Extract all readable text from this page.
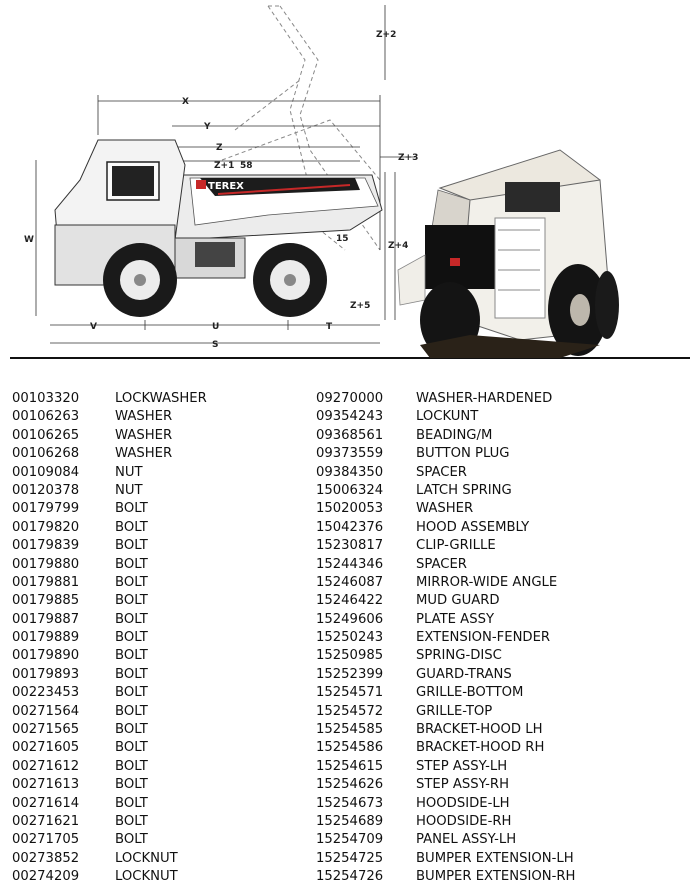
TEREX
X
Y
Z
Z+1 58
Z+2
Z+3
Z+4
Z+5
15
W
V	U	T
S
00103320	LOCKWASHER
00106263	WASHER
00106265	WASHER
00106268	WASHER
00109084	NUT
00120378	NUT
00179799	BOLT
00179820	BOLT
00179839	BOLT
00179880	BOLT
00179881	BOLT
00179885	BOLT
00179887	BOLT
00179889	BOLT
00179890	BOLT
00179893	BOLT
00223453	BOLT
00271564	BOLT
00271565	BOLT
00271605	BOLT
00271612	BOLT
00271613	BOLT
00271614	BOLT
00271621	BOLT
00271705	BOLT
00273852	LOCKNUT
00274209	LOCKNUT
09270000 WASHER-HARDENED
09354243 LOCKUNT
09368561 BEADING/M
09373559 BUTTON PLUG
09384350 SPACER
15006324 LATCH SPRING
15020053 WASHER
15042376 HOOD ASSEMBLY
15230817 CLIP-GRILLE
15244346 SPACER
15246087 MIRROR-WIDE ANGLE
15246422 MUD GUARD
15249606 PLATE ASSY
15250243 EXTENSION-FENDER
15250985 SPRING-DISC
15252399 GUARD-TRANS
15254571 GRILLE-BOTTOM
15254572 GRILLE-TOP
15254585 BRACKET-HOOD LH
15254586 BRACKET-HOOD RH
15254615 STEP ASSY-LH
15254626 STEP ASSY-RH
15254673 HOODSIDE-LH
15254689 HOODSIDE-RH
15254709 PANEL ASSY-LH
15254725 BUMPER EXTENSION-LH
15254726 BUMPER EXTENSION-RH
